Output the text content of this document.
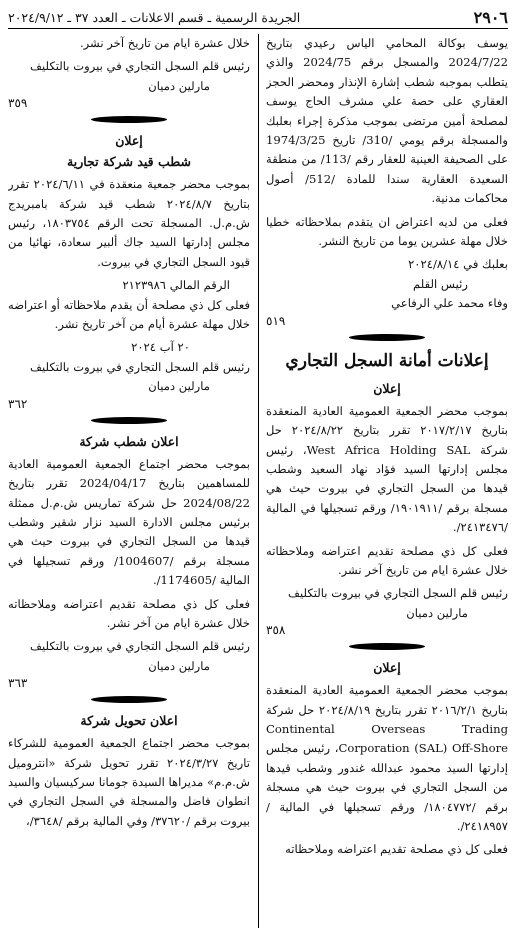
٢٩٠٦
الجريدة الرسمية ـ قسم الاعلانات ـ العدد ٣٧ ـ ٢٠٢٤/٩/١٢

يوسف بوكالة المحامي الياس رعيدي بتاريخ 2024/7/22 والمسجل برقم 2024/75 والذي يتطلب بموجبه شطب إشارة الإنذار ومحضر الحجز العقاري على حصة علي مشرف الحاج يوسف لمصلحة أمين مرتضى بموجب مذكرة إجراء بعلبك والمسجلة برقم يومي /310/ تاريخ 1974/3/25 على الصحيفة العينية للعقار رقم /113/ من منطقة السعيدة العقارية سندا للمادة /512/ أصول محاكمات مدنية.

فعلى من لديه اعتراض ان يتقدم بملاحظاته خطيا خلال مهلة عشرين يوما من تاريخ النشر.

بعلبك في ٢٠٢٤/٨/١٤
رئيس القلم
وفاء محمد علي الرفاعي
٥١٩
إعلانات أمانة السجل التجاري
إعلان

بموجب محضر الجمعية العمومية العادية المنعقدة بتاريخ ٢٠١٧/٢/١٧ تقرر بتاريخ ٢٠٢٤/٨/٢٢ حل شركة West Africa Holding SAL، رئيس مجلس إدارتها السيد فؤاد نهاد السعيد وشطب قيدها من السجل التجاري في بيروت حيث هي مسجلة برقم /١٩٠١٩١١/ ورقم تسجيلها في المالية /٢٤١٣٤٧٦/.

فعلى كل ذي مصلحة تقديم اعتراضه وملاحظاته خلال عشرة ايام من تاريخ آخر نشر.

رئيس قلم السجل التجاري في بيروت بالتكليف
مارلين دميان
٣٥٨
إعلان

بموجب محضر الجمعية العمومية العادية المنعقدة بتاريخ ٢٠١٦/٢/١ تقرر بتاريخ ٢٠٢٤/٨/١٩ حل شركة Continental Overseas Trading Corporation (SAL) Off-Shore، رئيس مجلس إدارتها السيد محمود عبدالله غندور وشطب قيدها من السجل التجاري في بيروت حيث هي مسجلة برقم /١٨٠٤٧٧٢/ ورقم تسجيلها في المالية /٢٤١٨٩٥٧/.

فعلى كل ذي مصلحة تقديم اعتراضه وملاحظاته

خلال عشرة ايام من تاريخ آخر نشر.

رئيس قلم السجل التجاري في بيروت بالتكليف
مارلين دميان
٣٥٩
إعلان
شطب قيد شركة تجارية

بموجب محضر جمعية منعقدة في ٢٠٢٤/٦/١١ تقرر بتاريخ ٢٠٢٤/٨/٧ شطب قيد شركة بامبريدج ش.م.ل. المسجلة تحت الرقم ١٨٠٣٧٥٤، رئيس مجلس إدارتها السيد جاك ألبير سعادة، نهائيا من قيود السجل التجاري في بيروت.

الرقم المالي ٢١٢٣٩٨٦

فعلى كل ذي مصلحة أن يقدم ملاحظاته أو اعتراضه خلال مهلة عشرة أيام من آخر تاريخ نشر.

٢٠ آب ٢٠٢٤
رئيس قلم السجل التجاري في بيروت بالتكليف
مارلين دميان
٣٦٢
اعلان شطب شركة

بموجب محضر اجتماع الجمعية العمومية العادية للمساهمين بتاريخ 2024/04/17 تقرر بتاريخ 2024/08/22 حل شركة تماريس ش.م.ل ممثلة برئيس مجلس الادارة السيد نزار شقير وشطب قيدها من السجل التجاري في بيروت حيث هي مسجلة برقم /1004607/ ورقم تسجيلها في المالية /1174605/.

فعلى كل ذي مصلحة تقديم اعتراضه وملاحظاته خلال عشرة ايام من آخر نشر.

رئيس قلم السجل التجاري في بيروت بالتكليف
مارلين دميان
٣٦٣
اعلان تحويل شركة

بموجب محضر اجتماع الجمعية العمومية للشركاء تاريخ ٢٠٢٤/٣/٢٧ تقرر تحويل شركة «انتروميل ش.م.م» مديراها السيدة جومانا سركيسيان والسيد انطوان فاضل والمسجلة في السجل التجاري في بيروت برقم /٣٧٦٢٠/ وفي المالية برقم /٣٦٤٨/،
